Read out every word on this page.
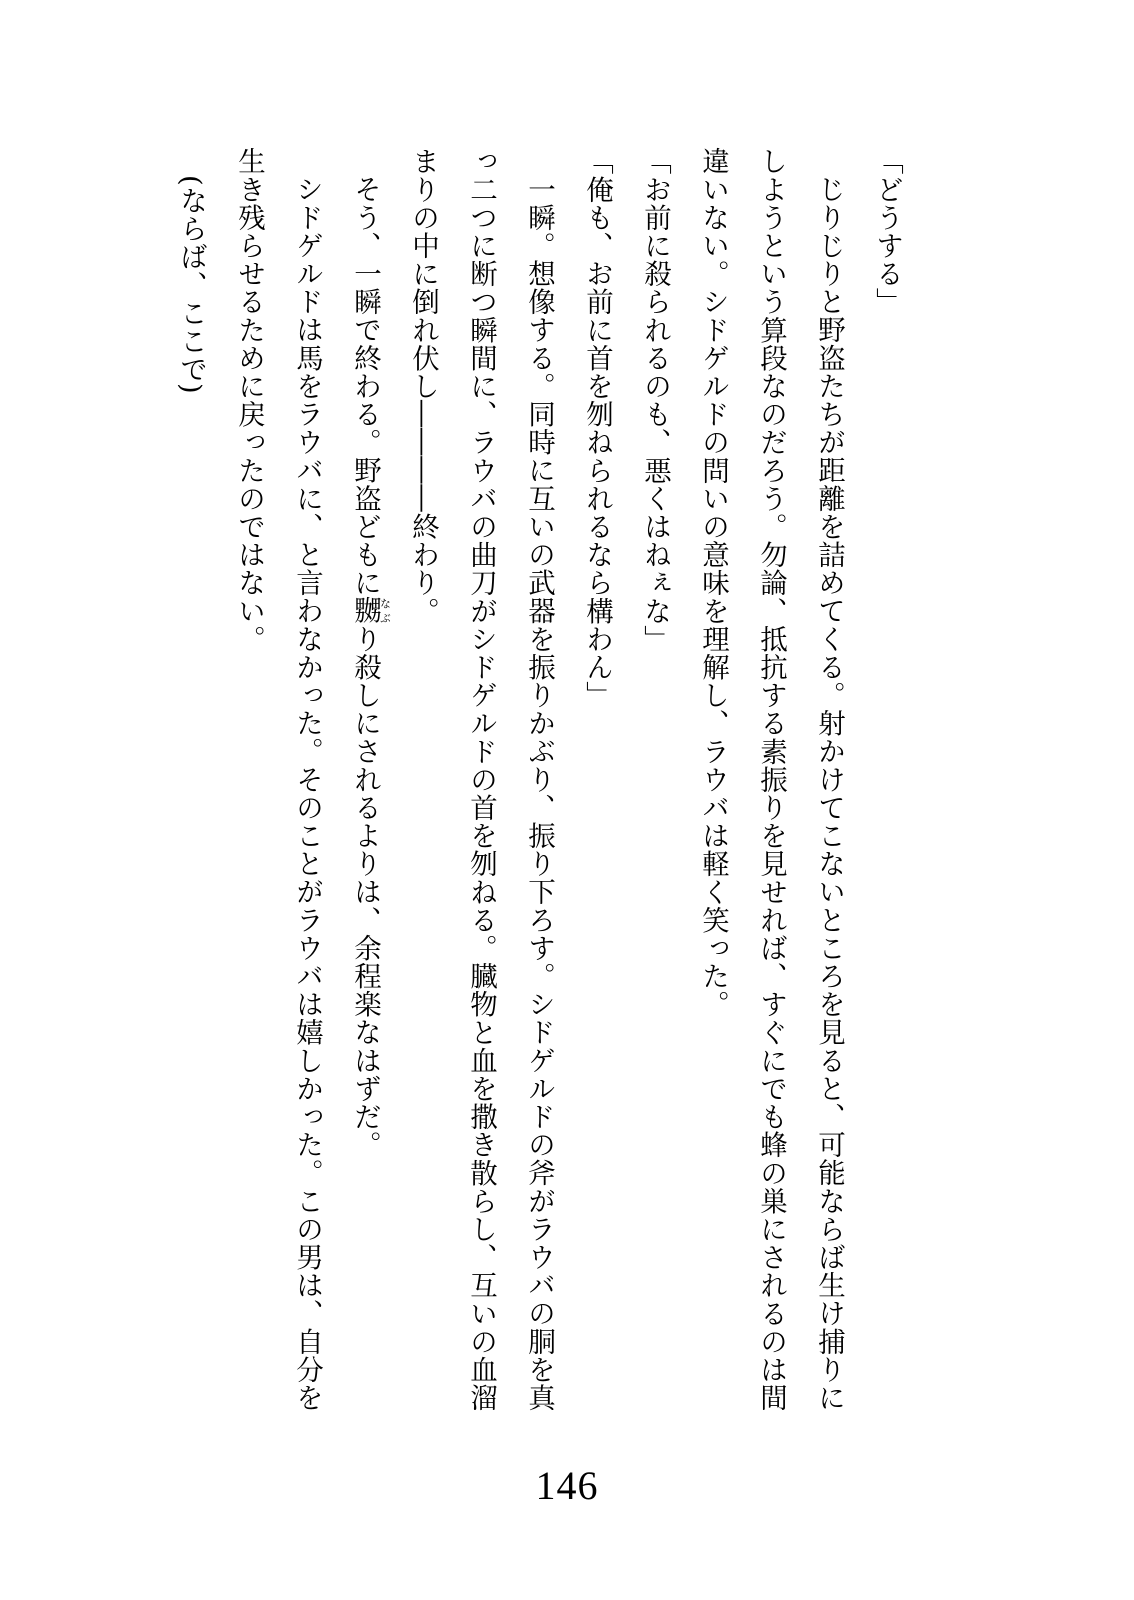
「どうする」
じりじりと野盗たちが距離を詰めてくる。射かけてこないところを見ると、可能ならば生け捕りに
しようという算段なのだろう。勿論、抵抗する素振りを見せれば、すぐにでも蜂の巣にされるのは間
違いない。シドゲルドの問いの意味を理解し、ラウバは軽く笑った。
「お前に殺られるのも、悪くはねぇな」
「俺も、お前に首を刎ねられるなら構わん」
一瞬。想像する。同時に互いの武器を振りかぶり、振り下ろす。シドゲルドの斧がラウバの胴を真
っ二つに断つ瞬間に、ラウバの曲刀がシドゲルドの首を刎ねる。臓物と血を撒き散らし、互いの血溜
まりの中に倒れ伏し――――終わり。
そう、一瞬で終わる。野盗どもに嬲なぶり殺しにされるよりは、余程楽なはずだ。
シドゲルドは馬をラウバに、と言わなかった。そのことがラウバは嬉しかった。この男は、自分を
生き残らせるために戻ったのではない。
(ならば、ここで)
146
